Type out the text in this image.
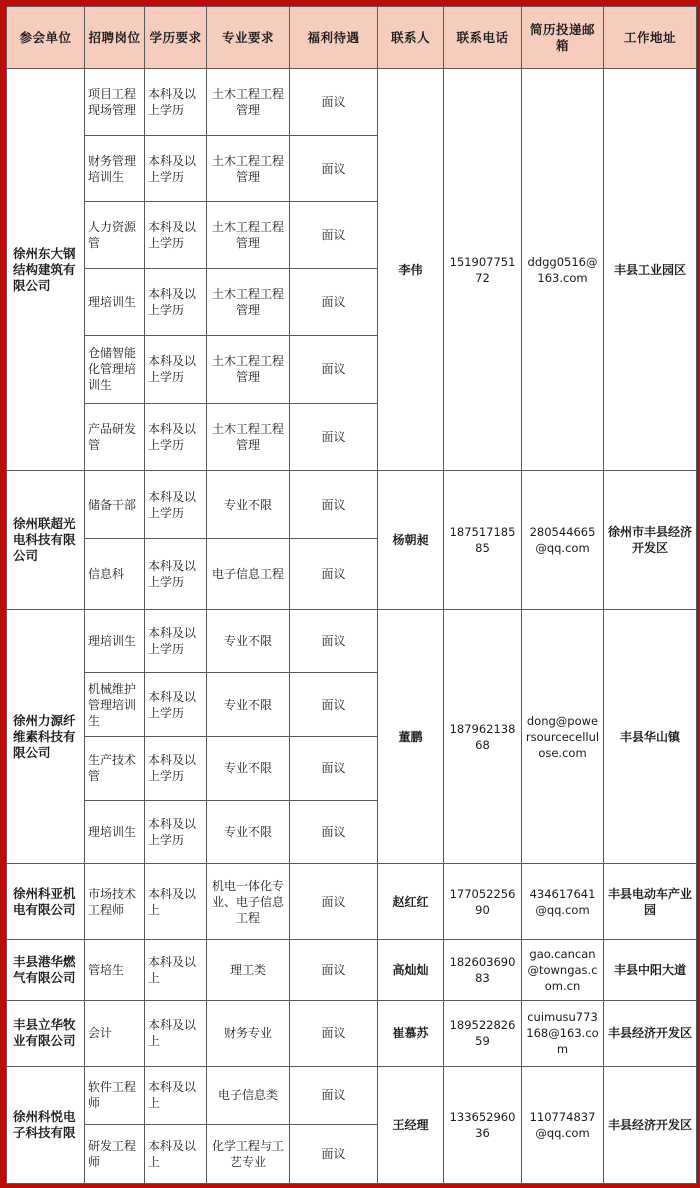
参会单位	招聘岗位	学历要求	专业要求	福利待遇	联系人	联系电话	简历投递邮箱	工作地址
徐州东大钢结构建筑有限公司	项目工程现场管理	本科及以上学历	土木工程工程管理	面议	李伟	15190775172	ddgg0516@163.com	丰县工业园区
	财务管理培训生	本科及以上学历	土木工程工程管理	面议				
	人力资源管	本科及以上学历	土木工程工程管理	面议				
	理培训生	本科及以上学历	土木工程工程管理	面议				
	仓储智能化管理培训生	本科及以上学历	土木工程工程管理	面议				
	产品研发管	本科及以上学历	土木工程工程管理	面议				
徐州联超光电科技有限公司	储备干部	本科及以上学历	专业不限	面议	杨朝昶	18751718585	280544665@qq.com	徐州市丰县经济开发区
	信息科	本科及以上学历	电子信息工程	面议				
徐州力源纤维素科技有限公司	理培训生	本科及以上学历	专业不限	面议	董鹏	18796213868	dong@powersourcecellulose.com	丰县华山镇
	机械维护管理培训生	本科及以上学历	专业不限	面议				
	生产技术管	本科及以上学历	专业不限	面议				
	理培训生	本科及以上学历	专业不限	面议				
徐州科亚机电有限公司	市场技术工程师	本科及以上	机电一体化专业、电子信息工程	面议	赵红红	17705225690	434617641@qq.com	丰县电动车产业园
丰县港华燃气有限公司	管培生	本科及以上	理工类	面议	高灿灿	18260369083	gao.cancan@towngas.com.cn	丰县中阳大道
丰县立华牧业有限公司	会计	本科及以上	财务专业	面议	崔慕苏	18952282659	cuimusu773168@163.com	丰县经济开发区
徐州科悦电子科技有限	软件工程师	本科及以上	电子信息类	面议	王经理	13365296036	110774837@qq.com	丰县经济开发区
	研发工程师	本科及以上	化学工程与工艺专业	面议				
